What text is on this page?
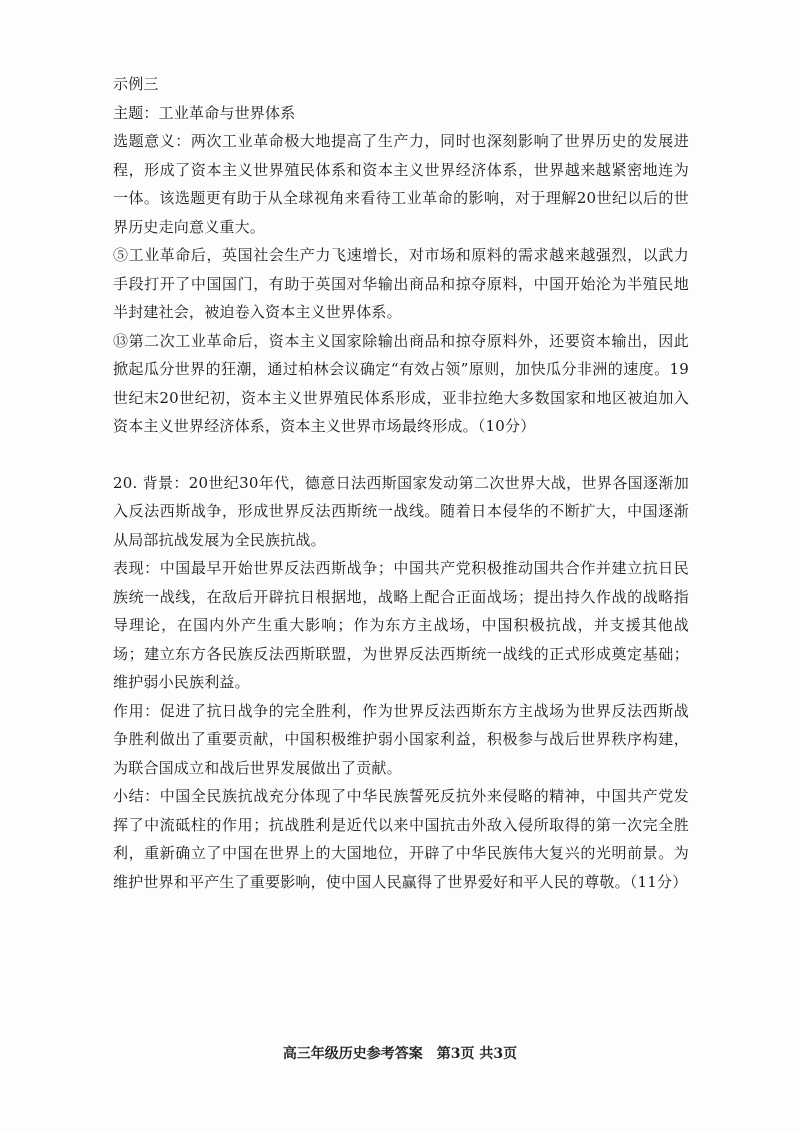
示例三

主题：工业革命与世界体系

选题意义：两次工业革命极大地提高了生产力，同时也深刻影响了世界历史的发展进程，形成了资本主义世界殖民体系和资本主义世界经济体系，世界越来越紧密地连为一体。该选题更有助于从全球视角来看待工业革命的影响，对于理解20世纪以后的世界历史走向意义重大。

⑤工业革命后，英国社会生产力飞速增长，对市场和原料的需求越来越强烈，以武力手段打开了中国国门，有助于英国对华输出商品和掠夺原料，中国开始沦为半殖民地半封建社会，被迫卷入资本主义世界体系。

⑬第二次工业革命后，资本主义国家除输出商品和掠夺原料外，还要资本输出，因此掀起瓜分世界的狂潮，通过柏林会议确定“有效占领”原则，加快瓜分非洲的速度。19世纪末20世纪初，资本主义世界殖民体系形成，亚非拉绝大多数国家和地区被迫加入资本主义世界经济体系，资本主义世界市场最终形成。（10分）

20. 背景：20世纪30年代，德意日法西斯国家发动第二次世界大战，世界各国逐渐加入反法西斯战争，形成世界反法西斯统一战线。随着日本侵华的不断扩大，中国逐渐从局部抗战发展为全民族抗战。

表现：中国最早开始世界反法西斯战争；中国共产党积极推动国共合作并建立抗日民族统一战线，在敌后开辟抗日根据地，战略上配合正面战场；提出持久作战的战略指导理论，在国内外产生重大影响；作为东方主战场，中国积极抗战，并支援其他战场；建立东方各民族反法西斯联盟，为世界反法西斯统一战线的正式形成奠定基础；维护弱小民族利益。

作用：促进了抗日战争的完全胜利，作为世界反法西斯东方主战场为世界反法西斯战争胜利做出了重要贡献，中国积极维护弱小国家利益，积极参与战后世界秩序构建，为联合国成立和战后世界发展做出了贡献。

小结：中国全民族抗战充分体现了中华民族誓死反抗外来侵略的精神，中国共产党发挥了中流砥柱的作用；抗战胜利是近代以来中国抗击外敌入侵所取得的第一次完全胜利，重新确立了中国在世界上的大国地位，开辟了中华民族伟大复兴的光明前景。为维护世界和平产生了重要影响，使中国人民赢得了世界爱好和平人民的尊敬。（11分）

高三年级历史参考答案　第3页 共3页
